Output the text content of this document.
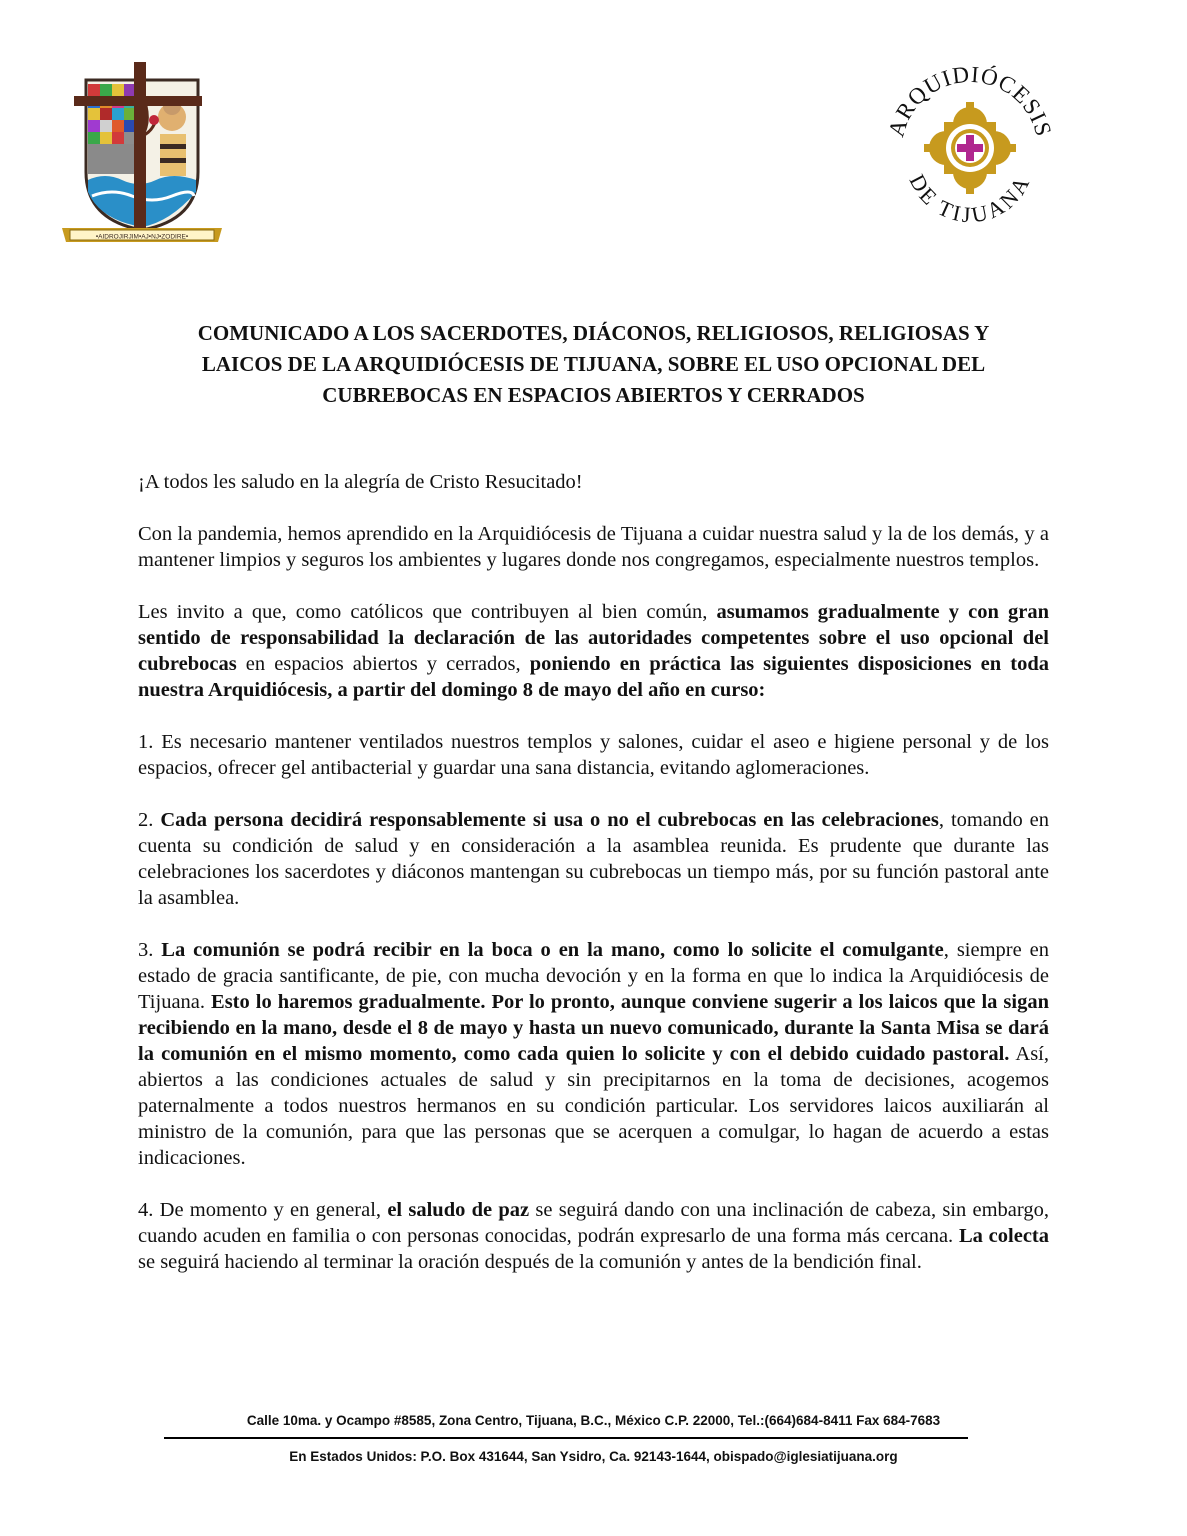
•AIDROJIRJIM•AJ•NJ•ZODIRE•
ARQUIDIÓCESIS
DE TIJUANA
COMUNICADO A LOS SACERDOTES, DIÁCONOS, RELIGIOSOS, RELIGIOSAS Y
LAICOS DE LA ARQUIDIÓCESIS DE TIJUANA, SOBRE EL USO OPCIONAL DEL
CUBREBOCAS EN ESPACIOS ABIERTOS Y CERRADOS

¡A todos les saludo en la alegría de Cristo Resucitado!

Con la pandemia, hemos aprendido en la Arquidiócesis de Tijuana a cuidar nuestra salud y la de los demás, y a mantener limpios y seguros los ambientes y lugares donde nos congregamos, especialmente nuestros templos.

Les invito a que, como católicos que contribuyen al bien común, asumamos gradualmente y con gran sentido de responsabilidad la declaración de las autoridades competentes sobre el uso opcional del cubrebocas en espacios abiertos y cerrados, poniendo en práctica las siguientes disposiciones en toda nuestra Arquidiócesis, a partir del domingo 8 de mayo del año en curso:

1. Es necesario mantener ventilados nuestros templos y salones, cuidar el aseo e higiene personal y de los espacios, ofrecer gel antibacterial y guardar una sana distancia, evitando aglomeraciones.

2. Cada persona decidirá responsablemente si usa o no el cubrebocas en las celebraciones, tomando en cuenta su condición de salud y en consideración a la asamblea reunida. Es prudente que durante las celebraciones los sacerdotes y diáconos mantengan su cubrebocas un tiempo más, por su función pastoral ante la asamblea.

3. La comunión se podrá recibir en la boca o en la mano, como lo solicite el comulgante, siempre en estado de gracia santificante, de pie, con mucha devoción y en la forma en que lo indica la Arquidiócesis de Tijuana. Esto lo haremos gradualmente. Por lo pronto, aunque conviene sugerir a los laicos que la sigan recibiendo en la mano, desde el 8 de mayo y hasta un nuevo comunicado, durante la Santa Misa se dará la comunión en el mismo momento, como cada quien lo solicite y con el debido cuidado pastoral. Así, abiertos a las condiciones actuales de salud y sin precipitarnos en la toma de decisiones, acogemos paternalmente a todos nuestros hermanos en su condición particular. Los servidores laicos auxiliarán al ministro de la comunión, para que las personas que se acerquen a comulgar, lo hagan de acuerdo a estas indicaciones.

4. De momento y en general, el saludo de paz se seguirá dando con una inclinación de cabeza, sin embargo, cuando acuden en familia o con personas conocidas, podrán expresarlo de una forma más cercana. La colecta se seguirá haciendo al terminar la oración después de la comunión y antes de la bendición final.

Calle 10ma. y Ocampo #8585, Zona Centro, Tijuana, B.C., México C.P. 22000, Tel.:(664)684-8411 Fax 684-7683
En Estados Unidos: P.O. Box 431644, San Ysidro, Ca. 92143-1644, obispado@iglesiatijuana.org
